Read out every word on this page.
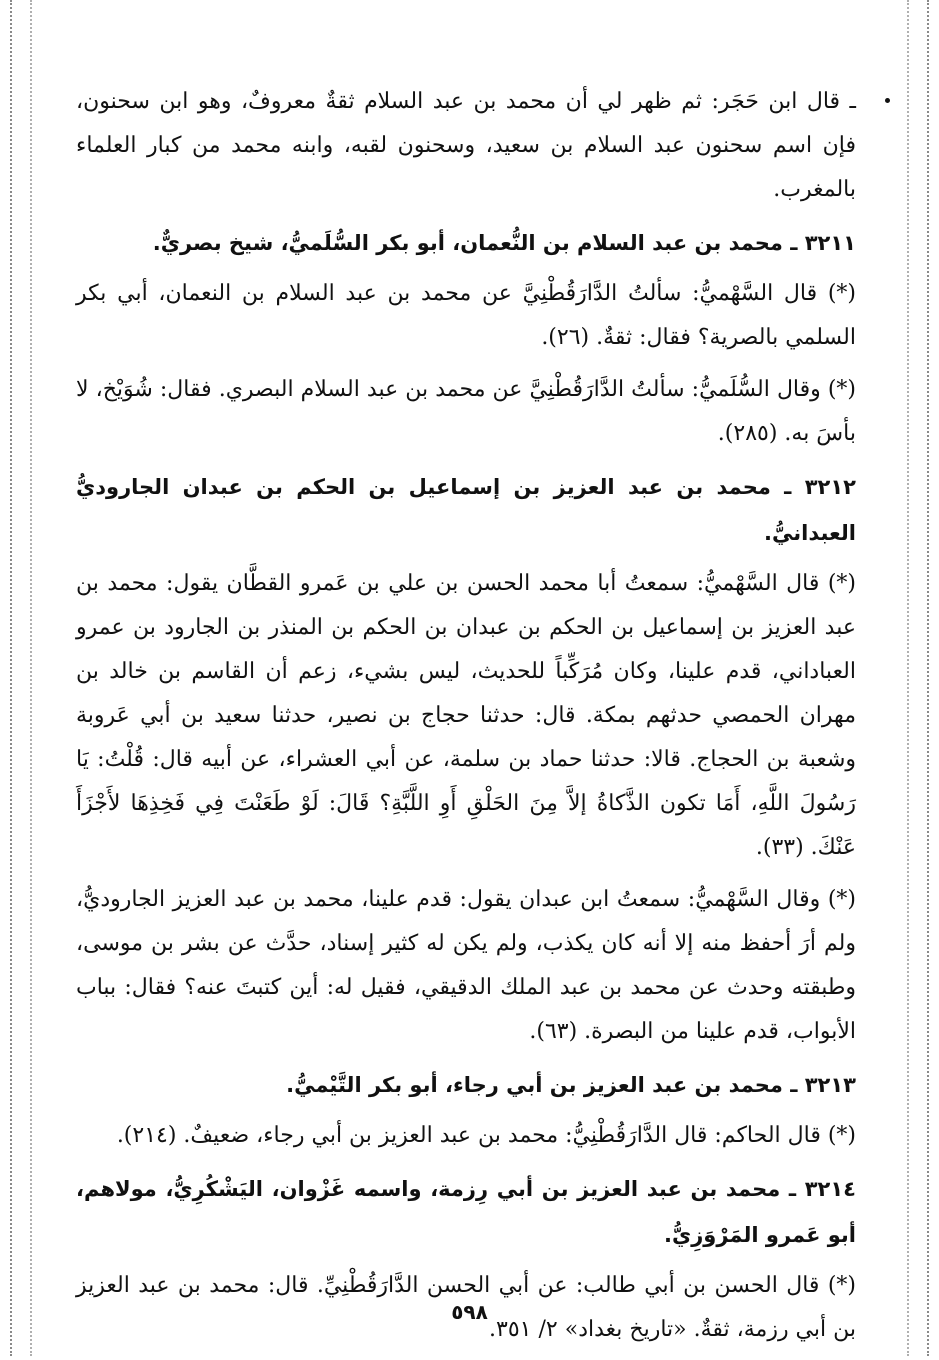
ـ قال ابن حَجَر: ثم ظهر لي أن محمد بن عبد السلام ثقةٌ معروفٌ، وهو ابن سحنون، فإن اسم سحنون عبد السلام بن سعيد، وسحنون لقبه، وابنه محمد من كبار العلماء بالمغرب.

٣٢١١ ـ محمد بن عبد السلام بن النُّعمان، أبو بكر السُّلَميُّ، شيخ بصريٌّ.

(*) قال السَّهْميُّ: سألتُ الدَّارَقُطْنِيَّ عن محمد بن عبد السلام بن النعمان، أبي بكر السلمي بالصرية؟ فقال: ثقةٌ. (٢٦).

(*) وقال السُّلَميُّ: سألتُ الدَّارَقُطْنِيَّ عن محمد بن عبد السلام البصري. فقال: شُوَيْخ، لا بأسَ به. (٢٨٥).

٣٢١٢ ـ محمد بن عبد العزيز بن إسماعيل بن الحكم بن عبدان الجاروديُّ العبدانيُّ.

(*) قال السَّهْميُّ: سمعتُ أبا محمد الحسن بن علي بن عَمرو القطَّان يقول: محمد بن عبد العزيز بن إسماعيل بن الحكم بن عبدان بن الحكم بن المنذر بن الجارود بن عمرو العباداني، قدم علينا، وكان مُرَكِّباً للحديث، ليس بشيء، زعم أن القاسم بن خالد بن مهران الحمصي حدثهم بمكة. قال: حدثنا حجاج بن نصير، حدثنا سعيد بن أبي عَروبة وشعبة بن الحجاج. قالا: حدثنا حماد بن سلمة، عن أبي العشراء، عن أبيه قال: قُلْتُ: يَا رَسُولَ اللَّهِ، أَمَا تكون الذَّكاةُ إلاَّ مِنَ الحَلْقِ أَوِ اللَّبَّةِ؟ قَالَ: لَوْ طَعَنْتَ فِي فَخِذِهَا لأَجْزَأَ عَنْكَ. (٣٣).

(*) وقال السَّهْميُّ: سمعتُ ابن عبدان يقول: قدم علينا، محمد بن عبد العزيز الجاروديُّ، ولم أرَ أحفظ منه إلا أنه كان يكذب، ولم يكن له كثير إسناد، حدَّث عن بشر بن موسى، وطبقته وحدث عن محمد بن عبد الملك الدقيقي، فقيل له: أين كتبتَ عنه؟ فقال: بباب الأبواب، قدم علينا من البصرة. (٦٣).

٣٢١٣ ـ محمد بن عبد العزيز بن أبي رجاء، أبو بكر التَّيْميُّ.

(*) قال الحاكم: قال الدَّارَقُطْنِيُّ: محمد بن عبد العزيز بن أبي رجاء، ضعيفٌ. (٢١٤).

٣٢١٤ ـ محمد بن عبد العزيز بن أبي رِزمة، واسمه غَزْوان، اليَشْكُرِيُّ، مولاهم، أبو عَمرو المَرْوَزِيُّ.

(*) قال الحسن بن أبي طالب: عن أبي الحسن الدَّارَقُطْنِيِّ. قال: محمد بن عبد العزيز بن أبي رزمة، ثقةٌ. «تاريخ بغداد» ٢/ ٣٥١.

٥٩٨
